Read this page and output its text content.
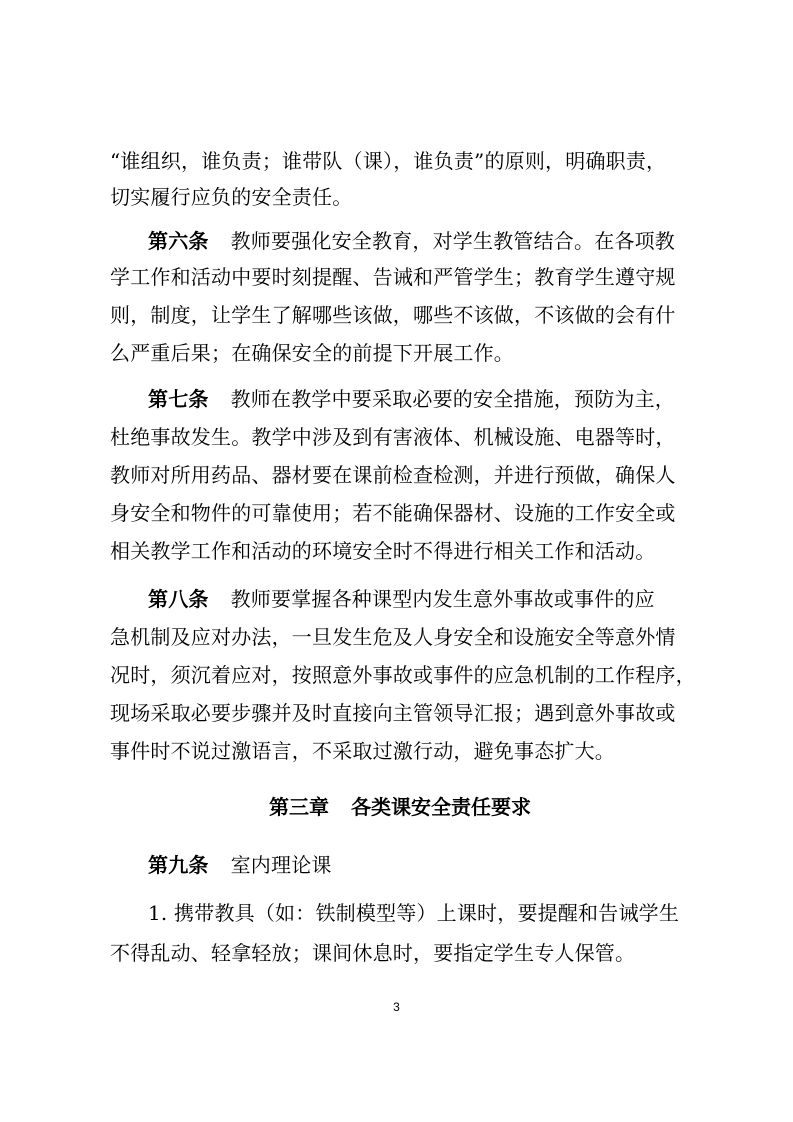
“谁组织，谁负责；谁带队（课），谁负责”的原则，明确职责，
切实履行应负的安全责任。
第六条 教师要强化安全教育，对学生教管结合。在各项教
学工作和活动中要时刻提醒、告诫和严管学生；教育学生遵守规
则，制度，让学生了解哪些该做，哪些不该做，不该做的会有什
么严重后果；在确保安全的前提下开展工作。
第七条 教师在教学中要采取必要的安全措施，预防为主，
杜绝事故发生。教学中涉及到有害液体、机械设施、电器等时，
教师对所用药品、器材要在课前检查检测，并进行预做，确保人
身安全和物件的可靠使用；若不能确保器材、设施的工作安全或
相关教学工作和活动的环境安全时不得进行相关工作和活动。
第八条 教师要掌握各种课型内发生意外事故或事件的应
急机制及应对办法，一旦发生危及人身安全和设施安全等意外情
况时，须沉着应对，按照意外事故或事件的应急机制的工作程序，
现场采取必要步骤并及时直接向主管领导汇报；遇到意外事故或
事件时不说过激语言，不采取过激行动，避免事态扩大。
第三章 各类课安全责任要求
第九条 室内理论课
1. 携带教具（如：铁制模型等）上课时，要提醒和告诫学生
不得乱动、轻拿轻放；课间休息时，要指定学生专人保管。
3
